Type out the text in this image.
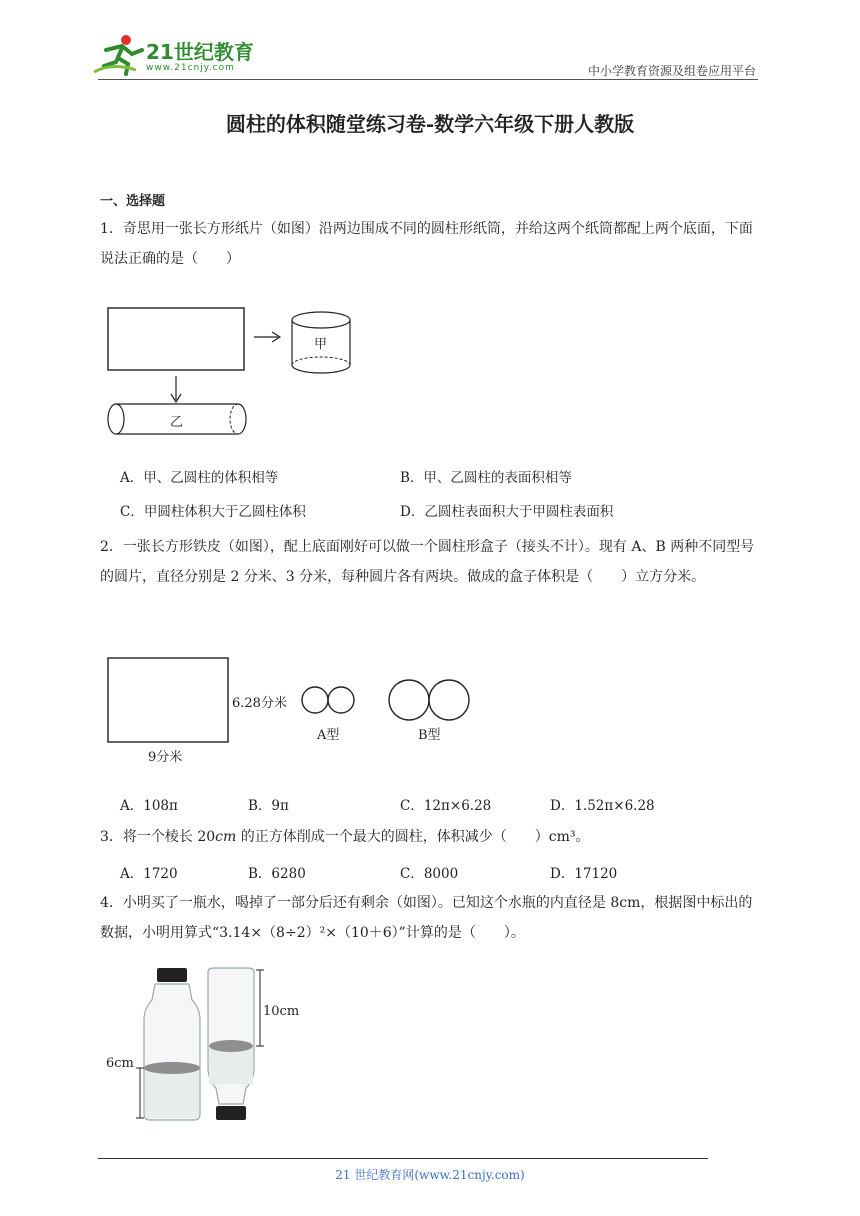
21世纪教育
www.21cnjy.com	中小学教育资源及组卷应用平台
圆柱的体积随堂练习卷-数学六年级下册人教版
一、选择题
1．奇思用一张长方形纸片（如图）沿两边围成不同的圆柱形纸筒，并给这两个纸筒都配上两个底面，下面说法正确的是（　　）
甲
乙
A．甲、乙圆柱的体积相等	B．甲、乙圆柱的表面积相等
C．甲圆柱体积大于乙圆柱体积	D．乙圆柱表面积大于甲圆柱表面积
2．一张长方形铁皮（如图），配上底面刚好可以做一个圆柱形盒子（接头不计）。现有 A、B 两种不同型号的圆片，直径分别是 2 分米、3 分米，每种圆片各有两块。做成的盒子体积是（　　）立方分米。
6.28分米
9分米
A型	B型
A．108π	B．9π	C．12π×6.28	D．1.52π×6.28
3．将一个棱长 20cm 的正方体削成一个最大的圆柱，体积减少（　　）cm³。
A．1720	B．6280	C．8000	D．17120
4．小明买了一瓶水，喝掉了一部分后还有剩余（如图）。已知这个水瓶的内直径是 8cm，根据图中标出的数据，小明用算式“3.14×（8÷2）²×（10＋6）”计算的是（　　）。
10cm
6cm
21 世纪教育网(www.21cnjy.com)
